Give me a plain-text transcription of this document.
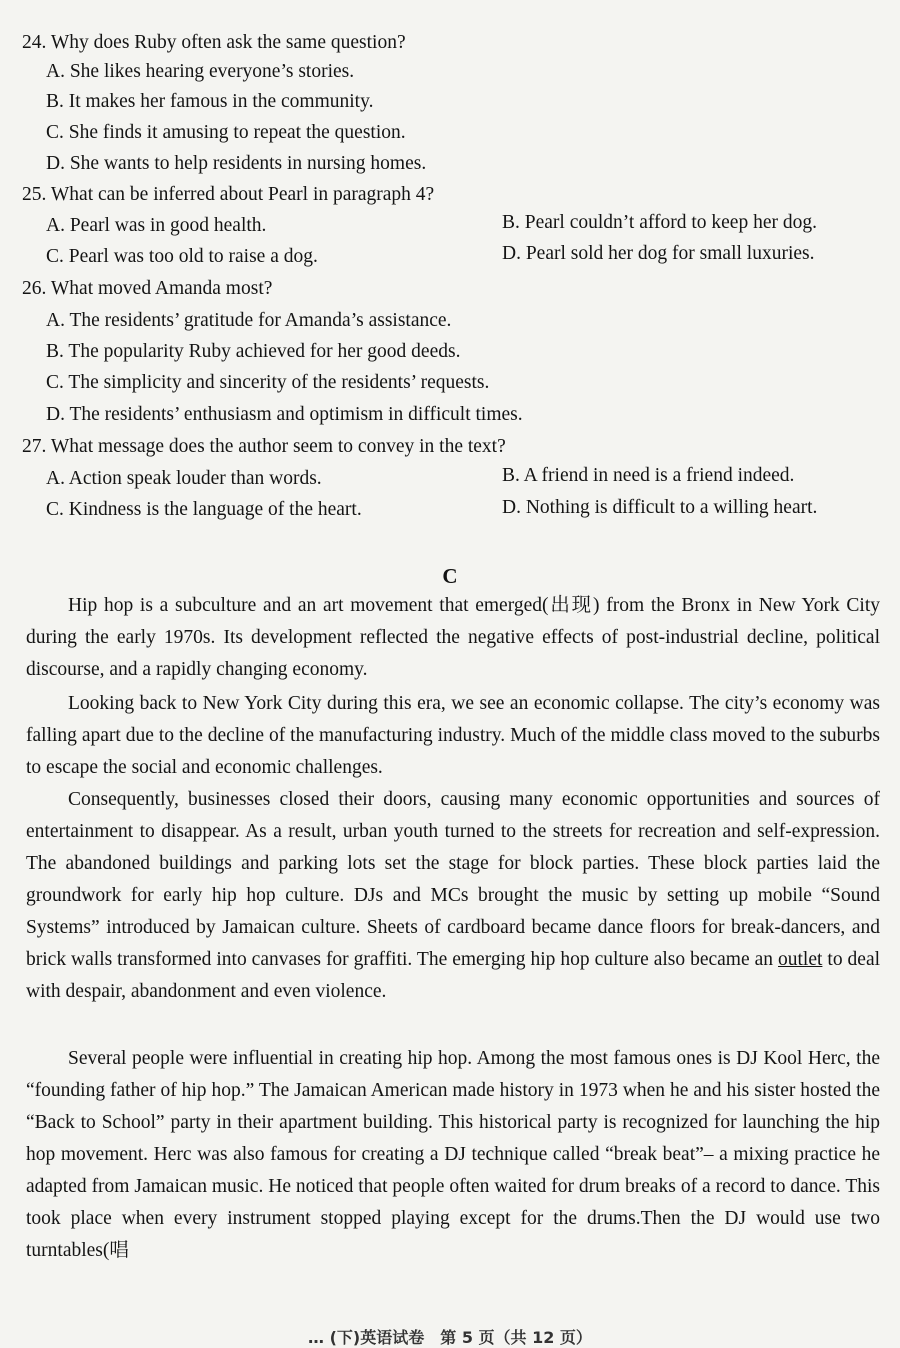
24. Why does Ruby often ask the same question?
A. She likes hearing everyone’s stories.
B. It makes her famous in the community.
C. She finds it amusing to repeat the question.
D. She wants to help residents in nursing homes.
25. What can be inferred about Pearl in paragraph 4?
A. Pearl was in good health.	B. Pearl couldn’t afford to keep her dog.
C. Pearl was too old to raise a dog.	D. Pearl sold her dog for small luxuries.
26. What moved Amanda most?
A. The residents’ gratitude for Amanda’s assistance.
B. The popularity Ruby achieved for her good deeds.
C. The simplicity and sincerity of the residents’ requests.
D. The residents’ enthusiasm and optimism in difficult times.
27. What message does the author seem to convey in the text?
A. Action speak louder than words.	B. A friend in need is a friend indeed.
C. Kindness is the language of the heart.	D. Nothing is difficult to a willing heart.
C

Hip hop is a subculture and an art movement that emerged(出现) from the Bronx in New York City during the early 1970s. Its development reflected the negative effects of post-industrial decline, political discourse, and a rapidly changing economy.

Looking back to New York City during this era, we see an economic collapse. The city’s economy was falling apart due to the decline of the manufacturing industry. Much of the middle class moved to the suburbs to escape the social and economic challenges.

Consequently, businesses closed their doors, causing many economic opportunities and sources of entertainment to disappear. As a result, urban youth turned to the streets for recreation and self-expression. The abandoned buildings and parking lots set the stage for block parties. These block parties laid the groundwork for early hip hop culture. DJs and MCs brought the music by setting up mobile “Sound Systems” introduced by Jamaican culture. Sheets of cardboard became dance floors for break-dancers, and brick walls transformed into canvases for graffiti. The emerging hip hop culture also became an outlet to deal with despair, abandonment and even violence.

Several people were influential in creating hip hop. Among the most famous ones is DJ Kool Herc, the “founding father of hip hop.” The Jamaican American made history in 1973 when he and his sister hosted the “Back to School” party in their apartment building. This historical party is recognized for launching the hip hop movement. Herc was also famous for creating a DJ technique called “break beat”– a mixing practice he adapted from Jamaican music. He noticed that people often waited for drum breaks of a record to dance. This took place when every instrument stopped playing except for the drums.Then the DJ would use two turntables(唱

… (下)英语试卷　第 5 页（共 12 页）
